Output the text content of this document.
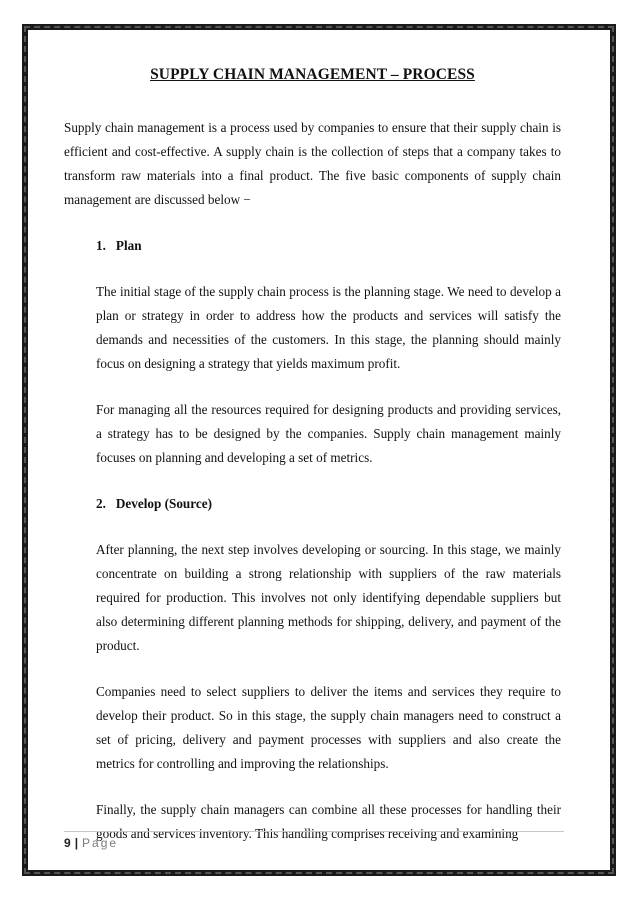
SUPPLY CHAIN MANAGEMENT – PROCESS

Supply chain management is a process used by companies to ensure that their supply chain is efficient and cost-effective. A supply chain is the collection of steps that a company takes to transform raw materials into a final product. The five basic components of supply chain management are discussed below −

1. Plan

The initial stage of the supply chain process is the planning stage. We need to develop a plan or strategy in order to address how the products and services will satisfy the demands and necessities of the customers. In this stage, the planning should mainly focus on designing a strategy that yields maximum profit.

For managing all the resources required for designing products and providing services, a strategy has to be designed by the companies. Supply chain management mainly focuses on planning and developing a set of metrics.

2. Develop (Source)

After planning, the next step involves developing or sourcing. In this stage, we mainly concentrate on building a strong relationship with suppliers of the raw materials required for production. This involves not only identifying dependable suppliers but also determining different planning methods for shipping, delivery, and payment of the product.

Companies need to select suppliers to deliver the items and services they require to develop their product. So in this stage, the supply chain managers need to construct a set of pricing, delivery and payment processes with suppliers and also create the metrics for controlling and improving the relationships.

Finally, the supply chain managers can combine all these processes for handling their goods and services inventory. This handling comprises receiving and examining

9 | Page
